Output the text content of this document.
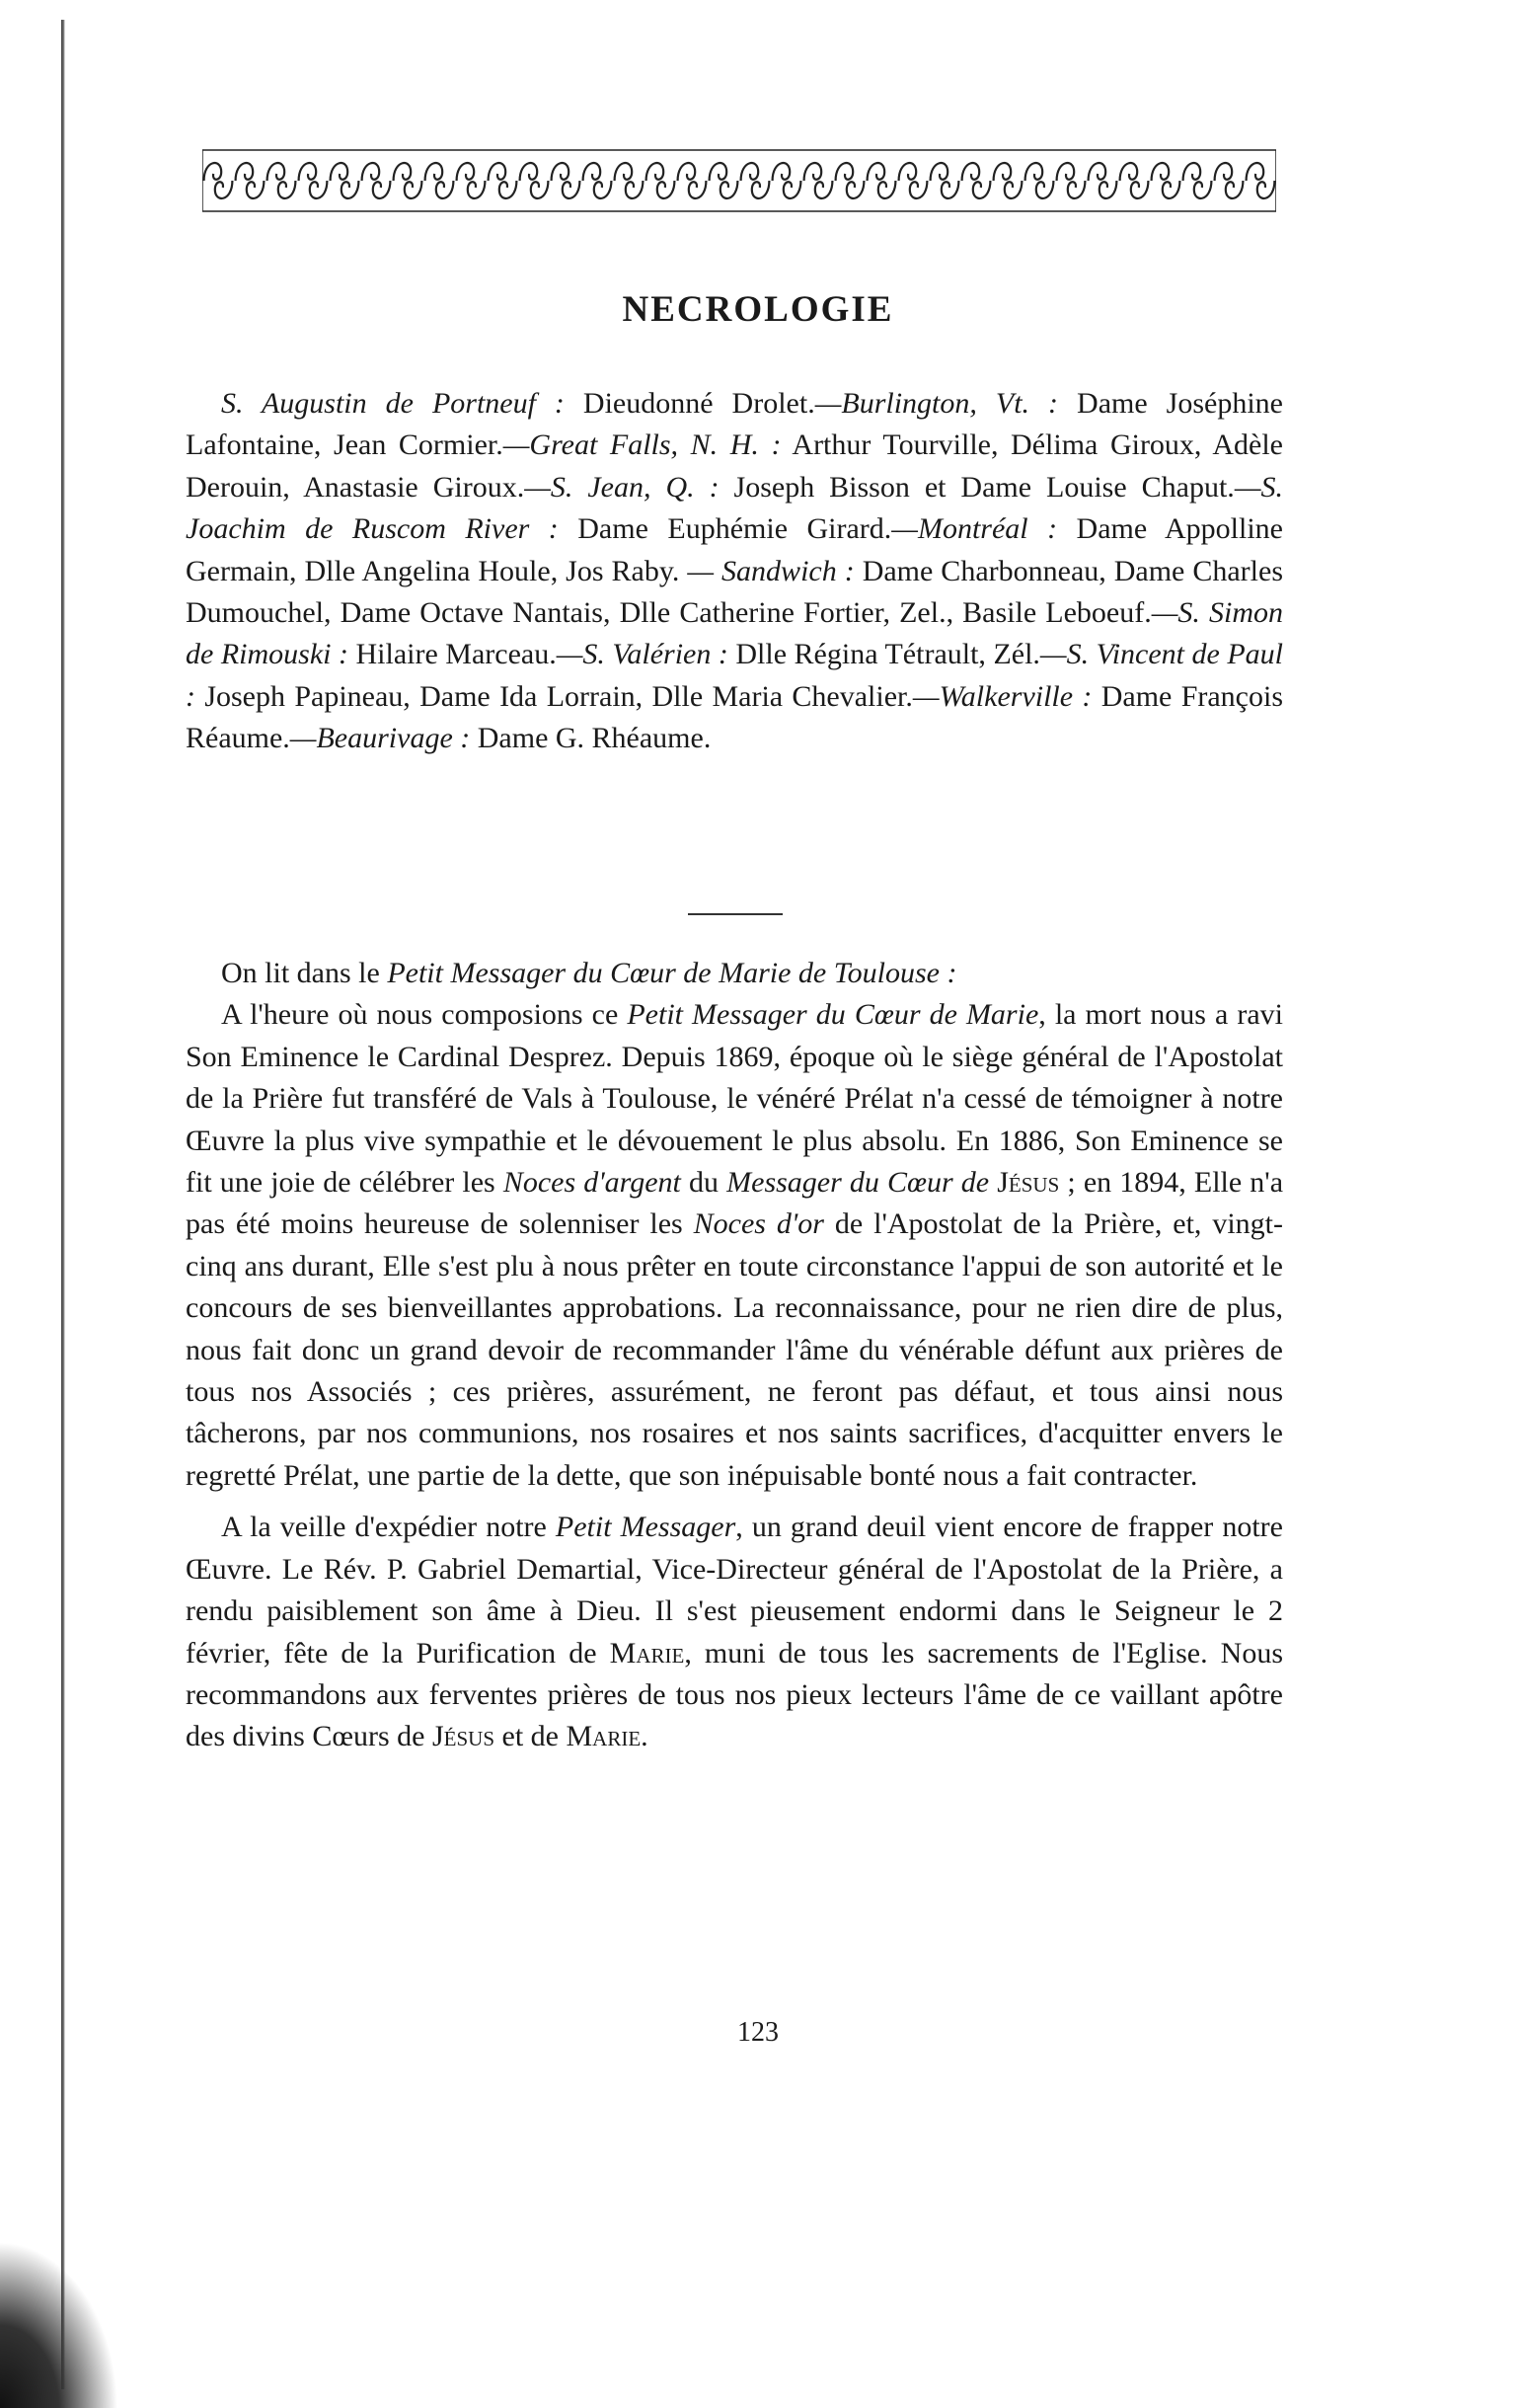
NECROLOGIE

S. Augustin de Portneuf : Dieudonné Drolet.—Burlington, Vt. : Dame Joséphine Lafontaine, Jean Cormier.—Great Falls, N. H. : Arthur Tourville, Délima Giroux, Adèle Derouin, Anastasie Giroux.—S. Jean, Q. : Joseph Bisson et Dame Louise Chaput.—S. Joachim de Ruscom River : Dame Euphémie Girard.—Montréal : Dame Appolline Germain, Dlle Angelina Houle, Jos Raby. — Sandwich : Dame Charbonneau, Dame Charles Dumouchel, Dame Octave Nantais, Dlle Catherine Fortier, Zel., Basile Leboeuf.—S. Simon de Rimouski : Hilaire Marceau.—S. Valérien : Dlle Régina Tétrault, Zél.—S. Vincent de Paul : Joseph Papineau, Dame Ida Lorrain, Dlle Maria Chevalier.—Walkerville : Dame François Réaume.—Beaurivage : Dame G. Rhéaume.

On lit dans le Petit Messager du Cœur de Marie de Toulouse :

A l'heure où nous composions ce Petit Messager du Cœur de Marie, la mort nous a ravi Son Eminence le Cardinal Desprez. Depuis 1869, époque où le siège général de l'Apostolat de la Prière fut transféré de Vals à Toulouse, le vénéré Prélat n'a cessé de témoigner à notre Œuvre la plus vive sympathie et le dévouement le plus absolu. En 1886, Son Eminence se fit une joie de célébrer les Noces d'argent du Messager du Cœur de Jésus ; en 1894, Elle n'a pas été moins heureuse de solenniser les Noces d'or de l'Apostolat de la Prière, et, vingt-cinq ans durant, Elle s'est plu à nous prêter en toute circonstance l'appui de son autorité et le concours de ses bienveillantes approbations. La reconnaissance, pour ne rien dire de plus, nous fait donc un grand devoir de recommander l'âme du vénérable défunt aux prières de tous nos Associés ; ces prières, assurément, ne feront pas défaut, et tous ainsi nous tâcherons, par nos communions, nos rosaires et nos saints sacrifices, d'acquitter envers le regretté Prélat, une partie de la dette, que son inépuisable bonté nous a fait contracter.

A la veille d'expédier notre Petit Messager, un grand deuil vient encore de frapper notre Œuvre. Le Rév. P. Gabriel Demartial, Vice-Directeur général de l'Apostolat de la Prière, a rendu paisiblement son âme à Dieu. Il s'est pieusement endormi dans le Seigneur le 2 février, fête de la Purification de Marie, muni de tous les sacrements de l'Eglise. Nous recommandons aux ferventes prières de tous nos pieux lecteurs l'âme de ce vaillant apôtre des divins Cœurs de Jésus et de Marie.

123
